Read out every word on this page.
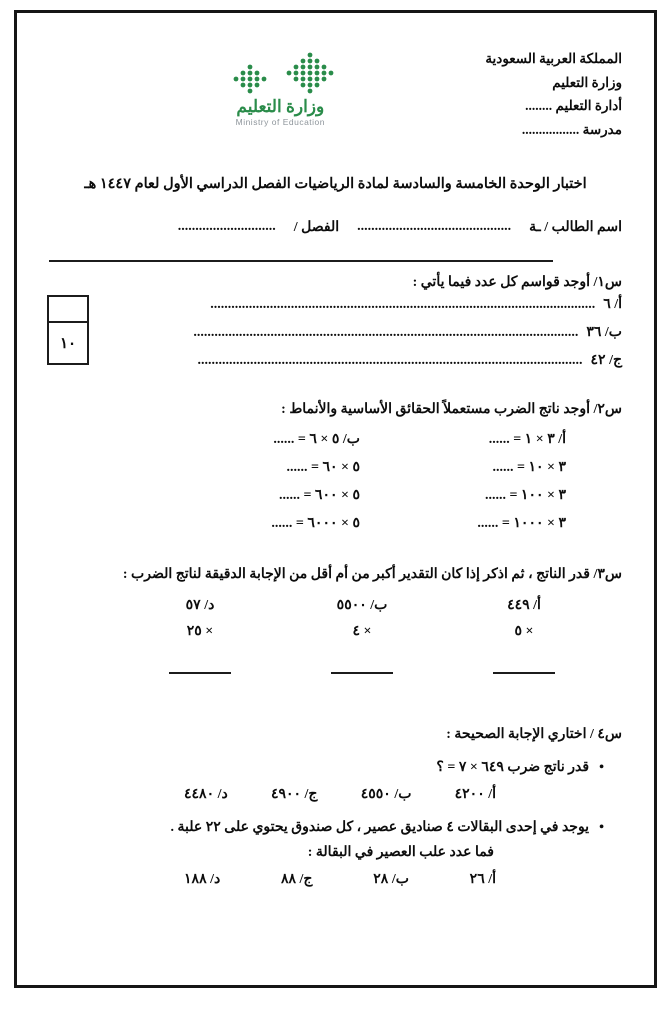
المملكة العربية السعودية
وزارة التعليم
أدارة التعليم ........
مدرسة .................
وزارة التعليم
Ministry of Education
اختبار الوحدة الخامسة والسادسة لمادة الرياضيات الفصل الدراسي الأول لعام ١٤٤٧ هـ
اسم الطالب / ـة
............................................
الفصل /
............................
١٠
س١/ أوجد قواسم كل عدد فيما يأتي :
أ/ ٦
..............................................................................................................
ب/ ٣٦
..............................................................................................................
ج/ ٤٢
..............................................................................................................
س٢/ أوجد ناتج الضرب مستعملاً الحقائق الأساسية والأنماط :
أ/ ٣ × ١ = ......
ب/ ٥ × ٦ = ......
٣ × ١٠ = ......
٥ × ٦٠ = ......
٣ × ١٠٠ = ......
٥ × ٦٠٠ = ......
٣ × ١٠٠٠ = ......
٥ × ٦٠٠٠ = ......
س٣/ قدر الناتج ، ثم اذكر إذا كان التقدير أكبر من أم أقل من الإجابة الدقيقة لناتج الضرب :
أ/ ٤٤٩
× ٥
ب/ ٥٥٠٠
× ٤
د/ ٥٧
× ٢٥
س٤ / اختاري الإجابة الصحيحة :
•
قدر ناتج ضرب ٦٤٩ × ٧ = ؟
أ/ ٤٢٠٠
ب/ ٤٥٥٠
ج/ ٤٩٠٠
د/ ٤٤٨٠
•
يوجد في إحدى البقالات ٤ صناديق عصير ، كل صندوق يحتوي على ٢٢ علبة .
فما عدد علب العصير في البقالة :
أ/ ٢٦
ب/ ٢٨
ج/ ٨٨
د/ ١٨٨
